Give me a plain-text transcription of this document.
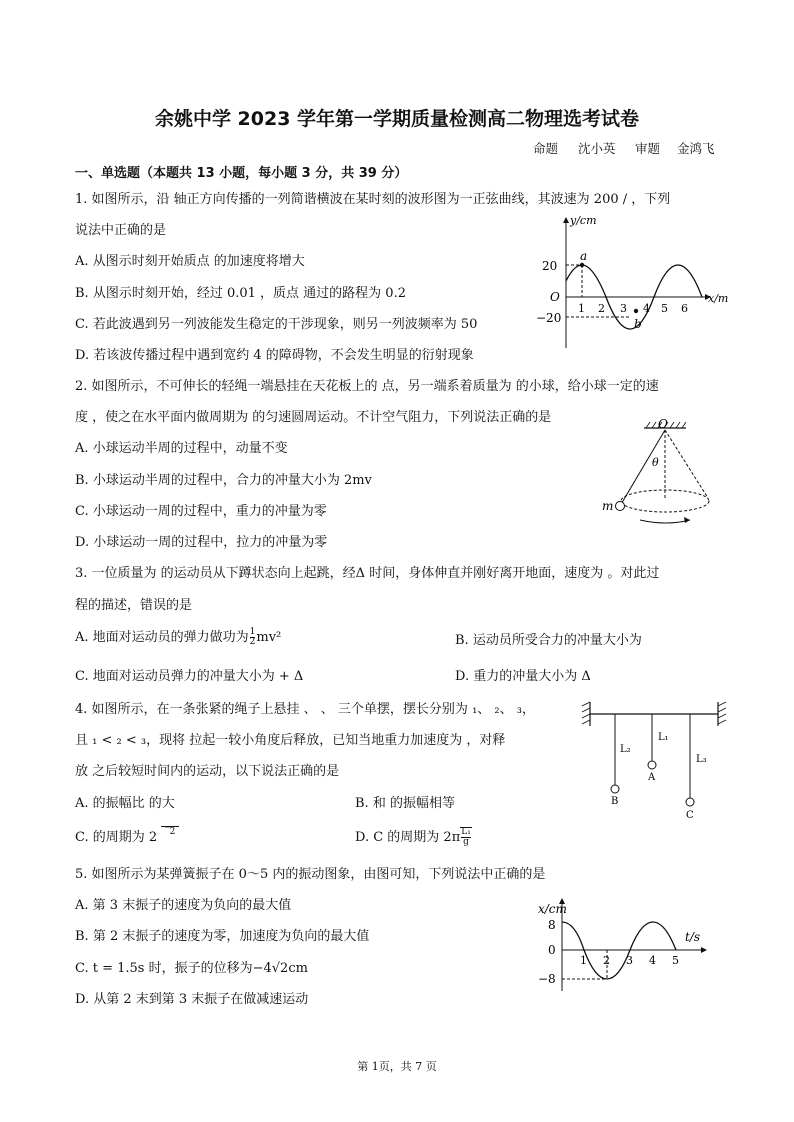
余姚中学 2023 学年第一学期质量检测高二物理选考试卷
命题 沈小英 审题 金鸿飞
一、单选题（本题共 13 小题，每小题 3 分，共 39 分）
1. 如图所示，沿 轴正方向传播的一列简谐横波在某时刻的波形图为一正弦曲线，其波速为 200 / ，下列
说法中正确的是
A. 从图示时刻开始质点 的加速度将增大
B. 从图示时刻开始，经过 0.01 ，质点 通过的路程为 0.2
C. 若此波遇到另一列波能发生稳定的干涉现象，则另一列波频率为 50
D. 若该波传播过程中遇到宽约 4 的障碍物，不会发生明显的衍射现象
y/cm
x/m
O
20
−20
a
b
1 2 3 4 5 6
2. 如图所示，不可伸长的轻绳一端悬挂在天花板上的 点，另一端系着质量为 的小球，给小球一定的速
度 ，使之在水平面内做周期为 的匀速圆周运动。不计空气阻力，下列说法正确的是
A. 小球运动半周的过程中，动量不变
B. 小球运动半周的过程中，合力的冲量大小为 2mv
C. 小球运动一周的过程中，重力的冲量为零
D. 小球运动一周的过程中，拉力的冲量为零
O
θ
m
3. 一位质量为 的运动员从下蹲状态向上起跳，经Δ 时间，身体伸直并刚好离开地面，速度为 。对此过
程的描述，错误的是
A. 地面对运动员的弹力做功为 $\frac{1}{2} mv^2$	B. 运动员所受合力的冲量大小为
C. 地面对运动员弹力的冲量大小为 + Δ	D. 重力的冲量大小为 Δ
4. 如图所示，在一条张紧的绳子上悬挂 、 、 三个单摆，摆长分别为 ₁、 ₂、 ₃，
且 ₁ < ₂ < ₃，现将 拉起一较小角度后释放，已知当地重力加速度为 ，对释
放 之后较短时间内的运动，以下说法正确的是
A. 的振幅比 的大	B. 和 的振幅相等
C. 的周期为 2 ‾2	D. C 的周期为 $2\pi \frac{\text{L₁}}{g}$
L₂
L₁
L₃
A
B
C
5. 如图所示为某弹簧振子在 0～5 内的振动图象，由图可知，下列说法中正确的是
A. 第 3 末振子的速度为负向的最大值
B. 第 2 末振子的速度为零，加速度为负向的最大值
C. t = 1.5s 时，振子的位移为−4√2cm
D. 从第 2 末到第 3 末振子在做减速运动
x/cm
t/s
8
0
−8
1 2 3 4 5
第 1页，共 7 页
